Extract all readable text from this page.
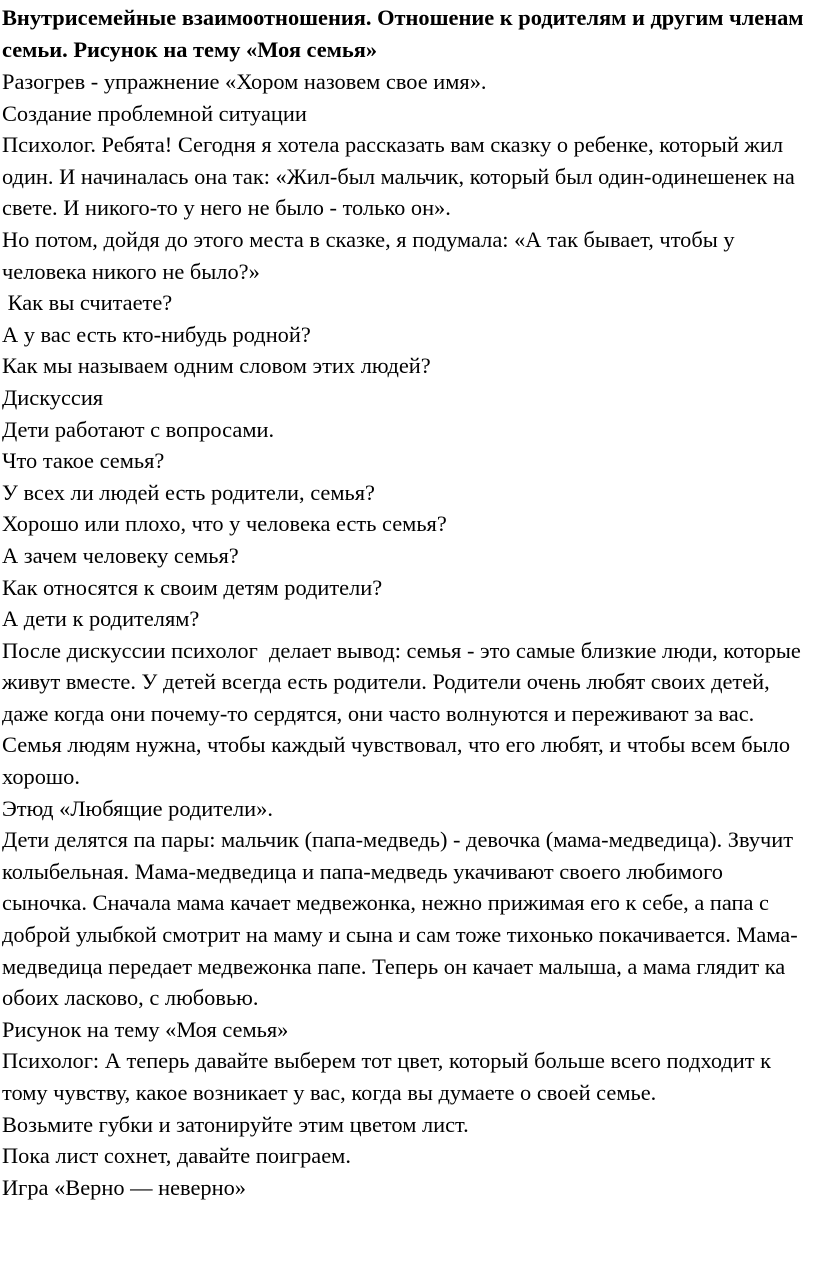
Внутрисемейные взаимоотношения. Отношение к родителям и другим членам семьи. Рисунок на тему «Моя семья»

Разогрев - упражнение «Хором назовем свое имя».

Создание проблемной ситуации

Психолог. Ребята! Сегодня я хотела рассказать вам сказку о ребенке, который жил один. И начиналась она так: «Жил-был мальчик, который был один-одинешенек на свете. И никого-то у него не было - только он».

Но потом, дойдя до этого места в сказке, я подумала: «А так бывает, чтобы у человека никого не было?»

Как вы считаете?

А у вас есть кто-нибудь родной?

Как мы называем одним словом этих людей?

Дискуссия

Дети работают с вопросами.

Что такое семья?

У всех ли людей есть родители, семья?

Хорошо или плохо, что у человека есть семья?

А зачем человеку семья?

Как относятся к своим детям родители?

А дети к родителям?

После дискуссии психолог  делает вывод: семья - это самые близкие люди, которые живут вместе. У детей всегда есть родители. Родители очень любят своих детей, даже когда они почему-то сердятся, они часто волнуются и переживают за вас. Семья людям нужна, чтобы каждый чувствовал, что его любят, и чтобы всем было хорошо.

Этюд «Любящие родители».

Дети делятся па пары: мальчик (папа-медведь) - девочка (мама-медведица). Звучит колыбельная. Мама-медведица и папа-медведь укачивают своего любимого сыночка. Сначала мама качает медвежонка, нежно прижимая его к себе, а папа с доброй улыбкой смотрит на маму и сына и сам тоже тихонько покачивается. Мама-медведица передает медвежонка папе. Теперь он качает малыша, а мама глядит ка обоих ласково, с любовью.

Рисунок на тему «Моя семья»

Психолог: А теперь давайте выберем тот цвет, который больше всего подходит к тому чувству, какое возникает у вас, когда вы думаете о своей семье.

Возьмите губки и затонируйте этим цветом лист.

Пока лист сохнет, давайте поиграем.

Игра «Верно — неверно»
